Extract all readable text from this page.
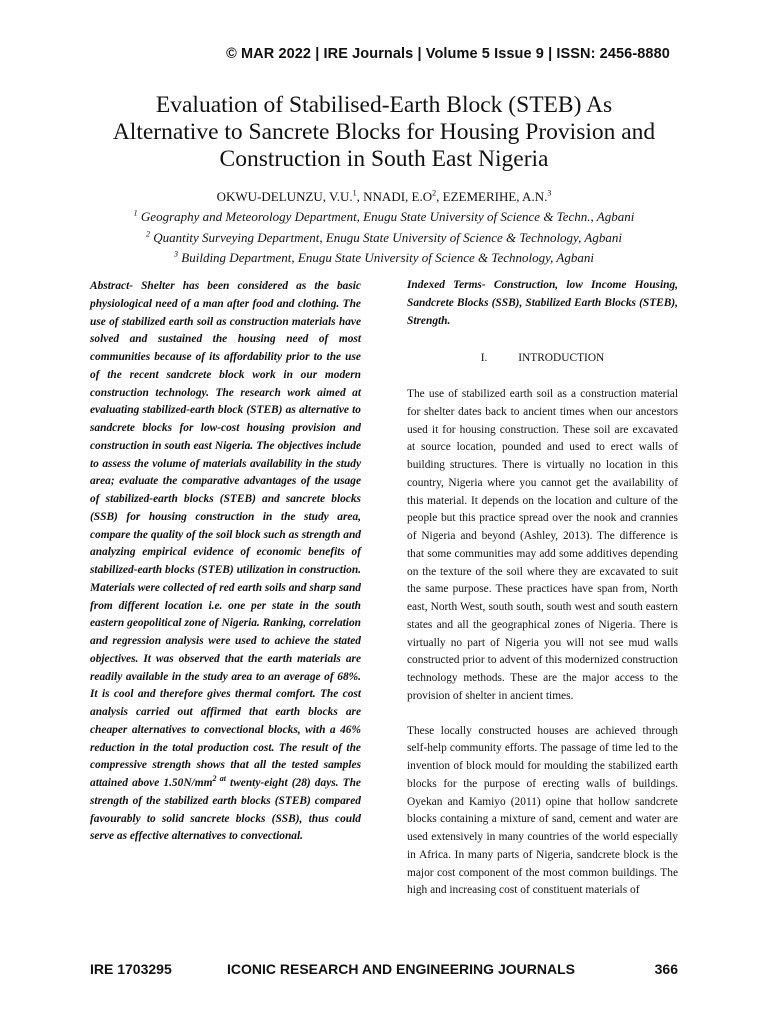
© MAR 2022 | IRE Journals | Volume 5 Issue 9 | ISSN: 2456-8880
Evaluation of Stabilised-Earth Block (STEB) As
Alternative to Sancrete Blocks for Housing Provision and
Construction in South East Nigeria
OKWU-DELUNZU, V.U.$^1$, NNADI, $E.O^2$, EZEMERIHE, A.N.$^3$
$^1$ Geography and Meteorology Department, Enugu State University of Science & Techn., Agbani
$^2$ Quantity Surveying Department, Enugu State University of Science & Technology, Agbani
$^3$ Building Department, Enugu State University of Science & Technology, Agbani
Abstract- Shelter has been considered as the basic physiological need of a man after food and clothing. The use of stabilized earth soil as construction materials have solved and sustained the housing need of most communities because of its affordability prior to the use of the recent sandcrete block work in our modern construction technology. The research work aimed at evaluating stabilized-earth block (STEB) as alternative to sandcrete blocks for low-cost housing provision and construction in south east Nigeria. The objectives include to assess the volume of materials availability in the study area; evaluate the comparative advantages of the usage of stabilized-earth blocks (STEB) and sancrete blocks (SSB) for housing construction in the study area, compare the quality of the soil block such as strength and analyzing empirical evidence of economic benefits of stabilized-earth blocks (STEB) utilization in construction. Materials were collected of red earth soils and sharp sand from different location i.e. one per state in the south eastern geopolitical zone of Nigeria. Ranking, correlation and regression analysis were used to achieve the stated objectives. It was observed that the earth materials are readily available in the study area to an average of 68%. It is cool and therefore gives thermal comfort. The cost analysis carried out affirmed that earth blocks are cheaper alternatives to convectional blocks, with a 46% reduction in the total production cost. The result of the compressive strength shows that all the tested samples attained above $1.50N/mm^{2 at}$ twenty-eight (28) days. The strength of the stabilized earth blocks (STEB) compared favourably to solid sancrete blocks (SSB), thus could serve as effective alternatives to convectional.
Indexed Terms- Construction, low Income Housing, Sandcrete Blocks (SSB), Stabilized Earth Blocks (STEB), Strength.
I.	INTRODUCTION
The use of stabilized earth soil as a construction material for shelter dates back to ancient times when our ancestors used it for housing construction. These soil are excavated at source location, pounded and used to erect walls of building structures. There is virtually no location in this country, Nigeria where you cannot get the availability of this material. It depends on the location and culture of the people but this practice spread over the nook and crannies of Nigeria and beyond (Ashley, 2013). The difference is that some communities may add some additives depending on the texture of the soil where they are excavated to suit the same purpose. These practices have span from, North east, North West, south south, south west and south eastern states and all the geographical zones of Nigeria. There is virtually no part of Nigeria you will not see mud walls constructed prior to advent of this modernized construction technology methods. These are the major access to the provision of shelter in ancient times.
These locally constructed houses are achieved through self-help community efforts. The passage of time led to the invention of block mould for moulding the stabilized earth blocks for the purpose of erecting walls of buildings. Oyekan and Kamiyo (2011) opine that hollow sandcrete blocks containing a mixture of sand, cement and water are used extensively in many countries of the world especially in Africa. In many parts of Nigeria, sandcrete block is the major cost component of the most common buildings. The high and increasing cost of constituent materials of
IRE 1703295	ICONIC RESEARCH AND ENGINEERING JOURNALS	366
